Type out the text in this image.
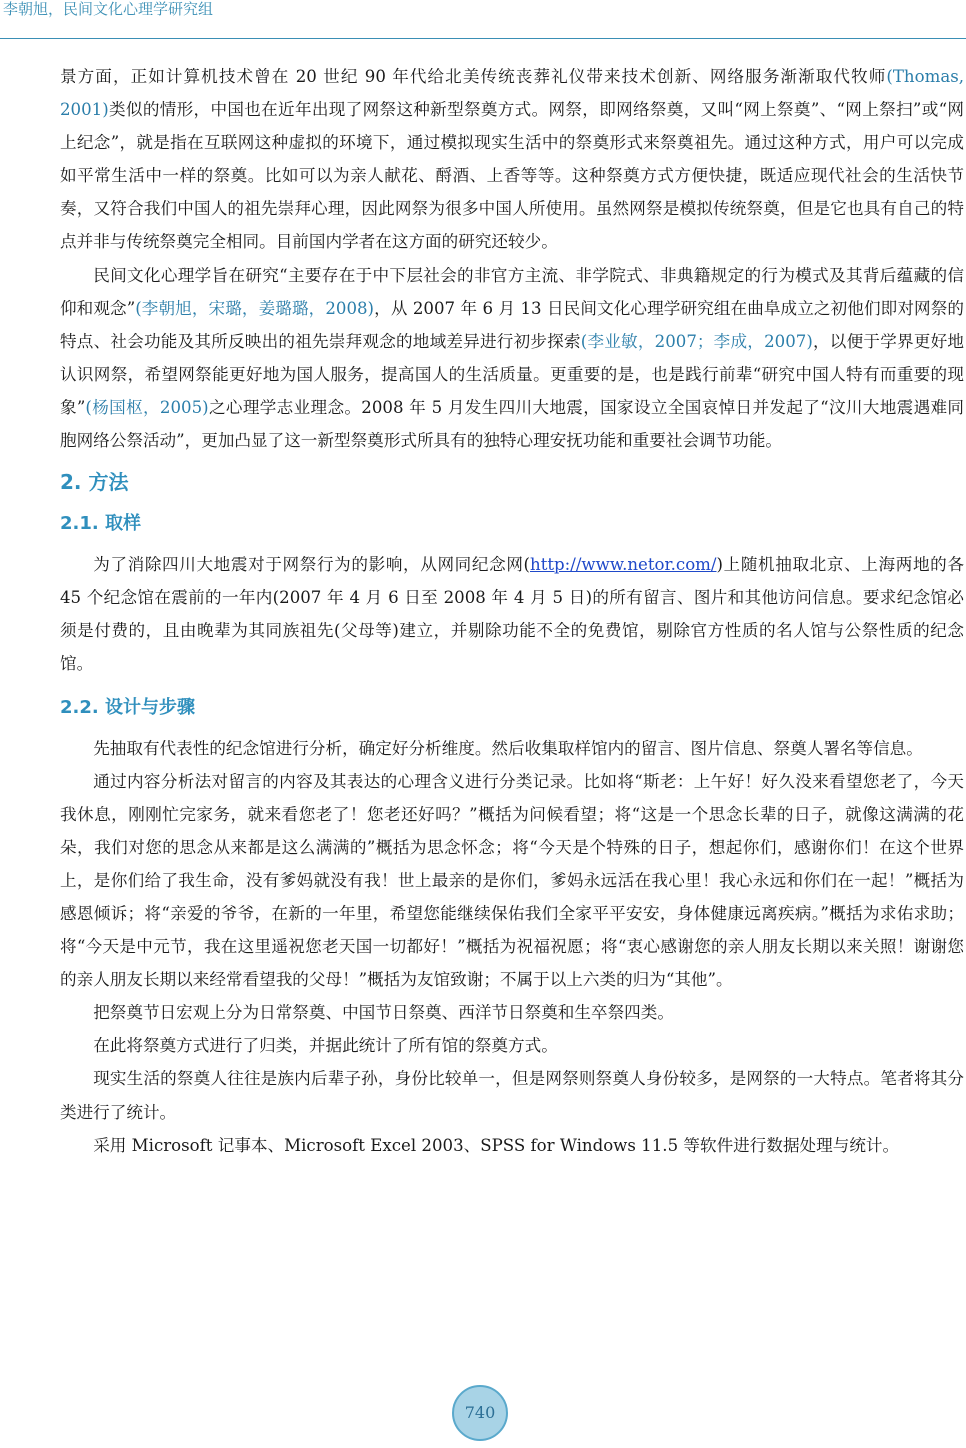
李朝旭，民间文化心理学研究组

景方面，正如计算机技术曾在 20 世纪 90 年代给北美传统丧葬礼仪带来技术创新、网络服务渐渐取代牧师(Thomas, 2001)类似的情形，中国也在近年出现了网祭这种新型祭奠方式。网祭，即网络祭奠，又叫“网上祭奠”、“网上祭扫”或“网上纪念”，就是指在互联网这种虚拟的环境下，通过模拟现实生活中的祭奠形式来祭奠祖先。通过这种方式，用户可以完成如平常生活中一样的祭奠。比如可以为亲人献花、酹酒、上香等等。这种祭奠方式方便快捷，既适应现代社会的生活快节奏，又符合我们中国人的祖先崇拜心理，因此网祭为很多中国人所使用。虽然网祭是模拟传统祭奠，但是它也具有自己的特点并非与传统祭奠完全相同。目前国内学者在这方面的研究还较少。

民间文化心理学旨在研究“主要存在于中下层社会的非官方主流、非学院式、非典籍规定的行为模式及其背后蕴藏的信仰和观念”(李朝旭，宋璐，姜璐璐，2008)，从 2007 年 6 月 13 日民间文化心理学研究组在曲阜成立之初他们即对网祭的特点、社会功能及其所反映出的祖先崇拜观念的地域差异进行初步探索(李业敏，2007；李成，2007)，以便于学界更好地认识网祭，希望网祭能更好地为国人服务，提高国人的生活质量。更重要的是，也是践行前辈“研究中国人特有而重要的现象”(杨国枢，2005)之心理学志业理念。2008 年 5 月发生四川大地震，国家设立全国哀悼日并发起了“汶川大地震遇难同胞网络公祭活动”，更加凸显了这一新型祭奠形式所具有的独特心理安抚功能和重要社会调节功能。

2. 方法
2.1. 取样

为了消除四川大地震对于网祭行为的影响，从网同纪念网(http://www.netor.com/)上随机抽取北京、上海两地的各 45 个纪念馆在震前的一年内(2007 年 4 月 6 日至 2008 年 4 月 5 日)的所有留言、图片和其他访问信息。要求纪念馆必须是付费的，且由晚辈为其同族祖先(父母等)建立，并剔除功能不全的免费馆，剔除官方性质的名人馆与公祭性质的纪念馆。

2.2. 设计与步骤

先抽取有代表性的纪念馆进行分析，确定好分析维度。然后收集取样馆内的留言、图片信息、祭奠人署名等信息。

通过内容分析法对留言的内容及其表达的心理含义进行分类记录。比如将“斯老：上午好！好久没来看望您老了，今天我休息，刚刚忙完家务，就来看您老了！您老还好吗？”概括为问候看望；将“这是一个思念长辈的日子，就像这满满的花朵，我们对您的思念从来都是这么满满的”概括为思念怀念；将“今天是个特殊的日子，想起你们，感谢你们！在这个世界上，是你们给了我生命，没有爹妈就没有我！世上最亲的是你们，爹妈永远活在我心里！我心永远和你们在一起！”概括为感恩倾诉；将“亲爱的爷爷，在新的一年里，希望您能继续保佑我们全家平平安安，身体健康远离疾病。”概括为求佑求助；将“今天是中元节，我在这里遥祝您老天国一切都好！”概括为祝福祝愿；将“衷心感谢您的亲人朋友长期以来关照！谢谢您的亲人朋友长期以来经常看望我的父母！”概括为友馆致谢；不属于以上六类的归为“其他”。

把祭奠节日宏观上分为日常祭奠、中国节日祭奠、西洋节日祭奠和生卒祭四类。

在此将祭奠方式进行了归类，并据此统计了所有馆的祭奠方式。

现实生活的祭奠人往往是族内后辈子孙，身份比较单一，但是网祭则祭奠人身份较多，是网祭的一大特点。笔者将其分类进行了统计。

采用 Microsoft 记事本、Microsoft Excel 2003、SPSS for Windows 11.5 等软件进行数据处理与统计。

740
